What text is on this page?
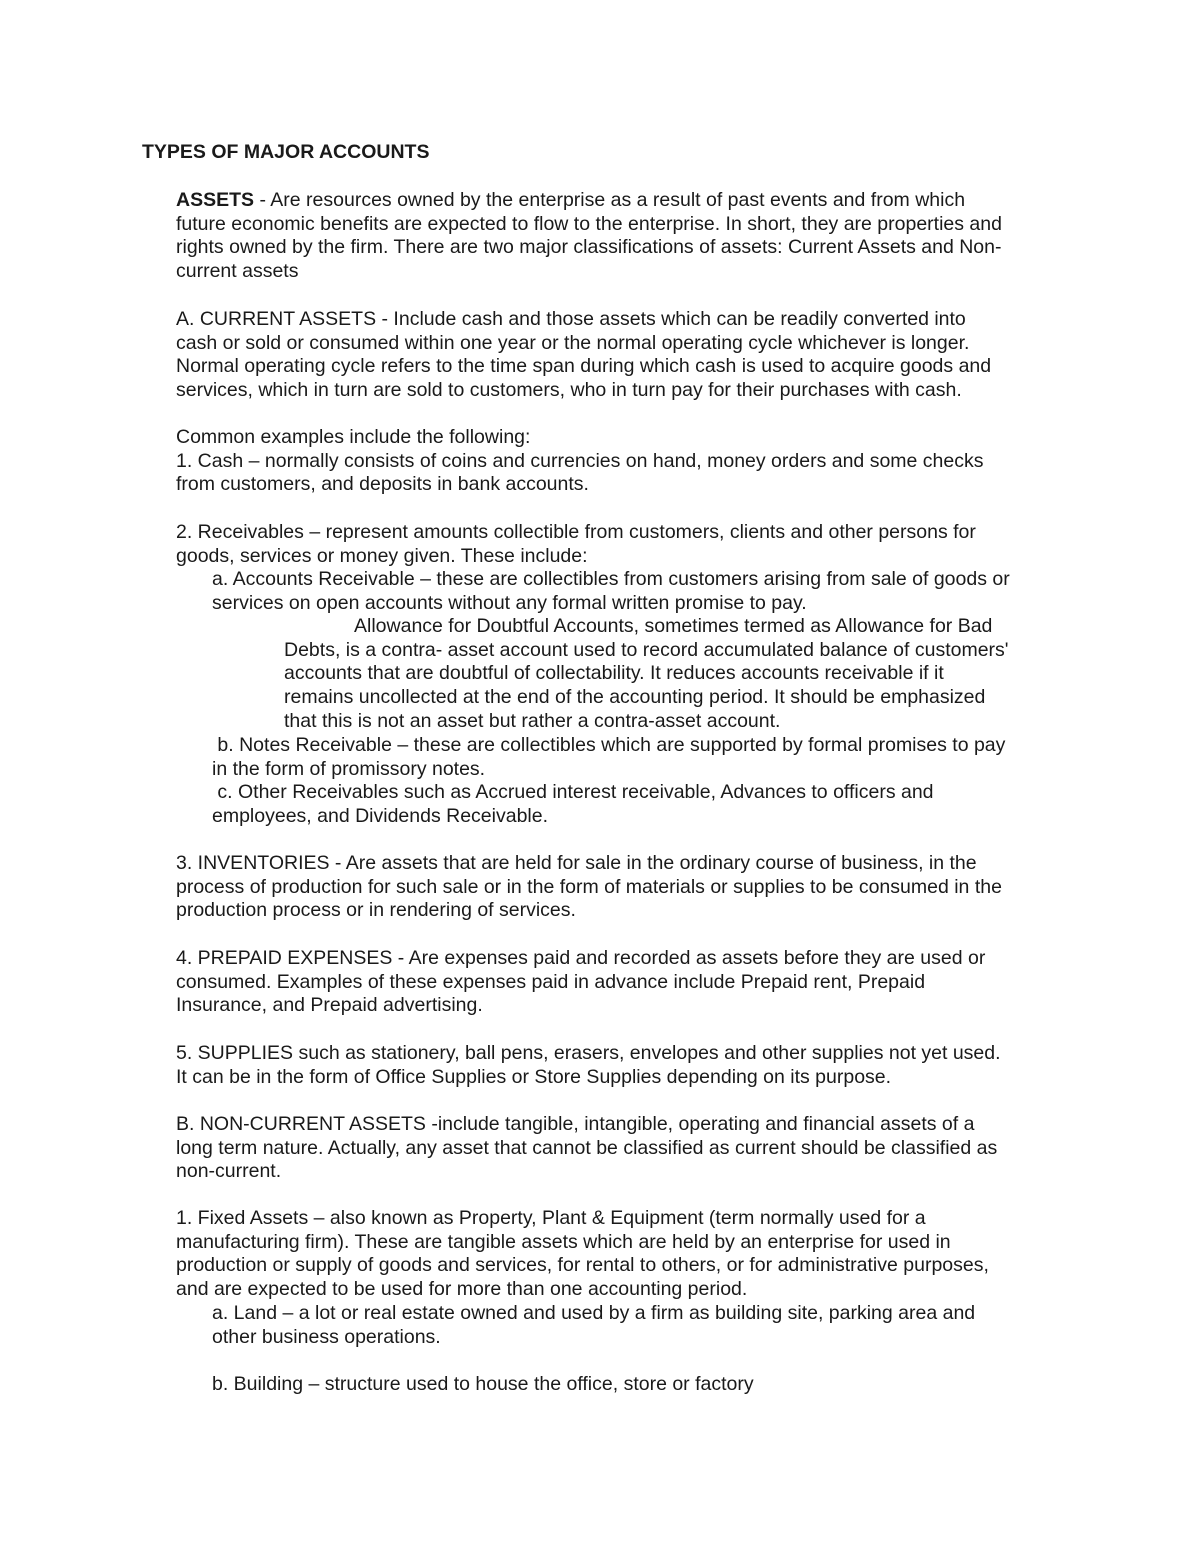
TYPES OF MAJOR ACCOUNTS

ASSETS - Are resources owned by the enterprise as a result of past events and from which
future economic benefits are expected to flow to the enterprise. In short, they are properties and
rights owned by the firm. There are two major classifications of assets: Current Assets and Non-
current assets

A. CURRENT ASSETS - Include cash and those assets which can be readily converted into
cash or sold or consumed within one year or the normal operating cycle whichever is longer.
Normal operating cycle refers to the time span during which cash is used to acquire goods and
services, which in turn are sold to customers, who in turn pay for their purchases with cash.

Common examples include the following:
1. Cash – normally consists of coins and currencies on hand, money orders and some checks
from customers, and deposits in bank accounts.

2. Receivables – represent amounts collectible from customers, clients and other persons for
goods, services or money given. These include:

a. Accounts Receivable – these are collectibles from customers arising from sale of goods or
services on open accounts without any formal written promise to pay.

Allowance for Doubtful Accounts, sometimes termed as Allowance for Bad
Debts, is a contra- asset account used to record accumulated balance of customers'
accounts that are doubtful of collectability. It reduces accounts receivable if it
remains uncollected at the end of the accounting period. It should be emphasized
that this is not an asset but rather a contra-asset account.

b. Notes Receivable – these are collectibles which are supported by formal promises to pay
in the form of promissory notes.

c. Other Receivables such as Accrued interest receivable, Advances to officers and
employees, and Dividends Receivable.

3. INVENTORIES - Are assets that are held for sale in the ordinary course of business, in the
process of production for such sale or in the form of materials or supplies to be consumed in the
production process or in rendering of services.

4. PREPAID EXPENSES - Are expenses paid and recorded as assets before they are used or
consumed. Examples of these expenses paid in advance include Prepaid rent, Prepaid
Insurance, and Prepaid advertising.

5. SUPPLIES such as stationery, ball pens, erasers, envelopes and other supplies not yet used.
It can be in the form of Office Supplies or Store Supplies depending on its purpose.

B. NON-CURRENT ASSETS -include tangible, intangible, operating and financial assets of a
long term nature. Actually, any asset that cannot be classified as current should be classified as
non-current.

1. Fixed Assets – also known as Property, Plant & Equipment (term normally used for a
manufacturing firm). These are tangible assets which are held by an enterprise for used in
production or supply of goods and services, for rental to others, or for administrative purposes,
and are expected to be used for more than one accounting period.

a. Land – a lot or real estate owned and used by a firm as building site, parking area and
other business operations.

b. Building – structure used to house the office, store or factory
